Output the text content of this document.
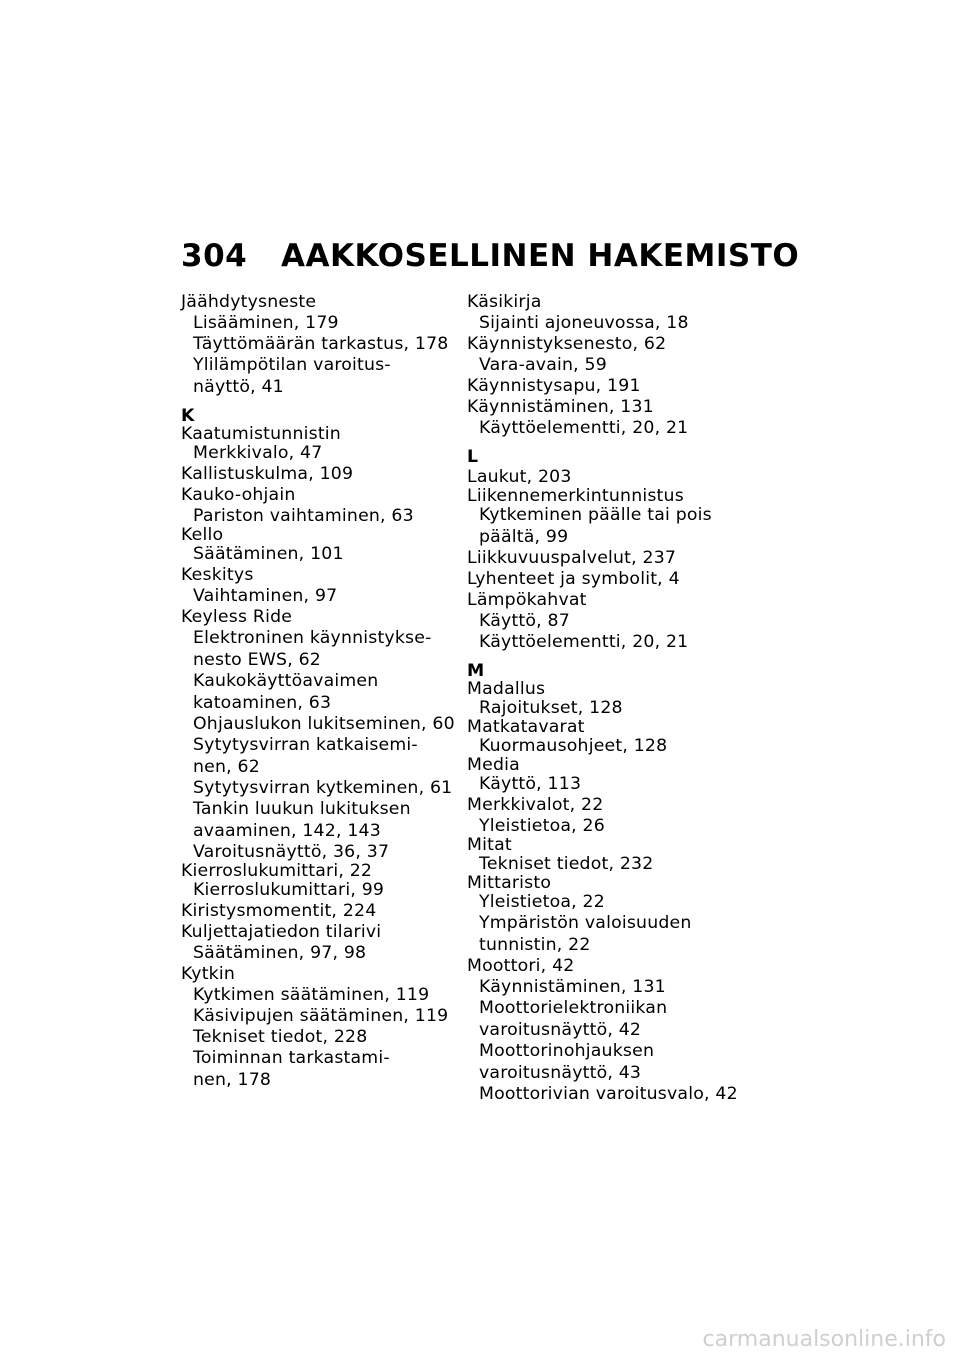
304	AAKKOSELLINEN HAKEMISTO
Jäähdytysneste
Lisääminen, 179
Täyttömäärän tarkastus, 178
Ylilämpötilan varoitus-
näyttö, 41
K
Kaatumistunnistin
Merkkivalo, 47
Kallistuskulma, 109
Kauko-ohjain
Pariston vaihtaminen, 63
Kello
Säätäminen, 101
Keskitys
Vaihtaminen, 97
Keyless Ride
Elektroninen käynnistykse-
nesto EWS, 62
Kaukokäyttöavaimen
katoaminen, 63
Ohjauslukon lukitseminen, 60
Sytytysvirran katkaisemi-
nen, 62
Sytytysvirran kytkeminen, 61
Tankin luukun lukituksen
avaaminen, 142, 143
Varoitusnäyttö, 36, 37
Kierroslukumittari, 22
Kierroslukumittari, 99
Kiristysmomentit, 224
Kuljettajatiedon tilarivi
Säätäminen, 97, 98
Kytkin
Kytkimen säätäminen, 119
Käsivipujen säätäminen, 119
Tekniset tiedot, 228
Toiminnan tarkastami-
nen, 178
Käsikirja
Sijainti ajoneuvossa, 18
Käynnistyksenesto, 62
Vara-avain, 59
Käynnistysapu, 191
Käynnistäminen, 131
Käyttöelementti, 20, 21
L
Laukut, 203
Liikennemerkintunnistus
Kytkeminen päälle tai pois
päältä, 99
Liikkuvuuspalvelut, 237
Lyhenteet ja symbolit, 4
Lämpökahvat
Käyttö, 87
Käyttöelementti, 20, 21
M
Madallus
Rajoitukset, 128
Matkatavarat
Kuormausohjeet, 128
Media
Käyttö, 113
Merkkivalot, 22
Yleistietoa, 26
Mitat
Tekniset tiedot, 232
Mittaristo
Yleistietoa, 22
Ympäristön valoisuuden
tunnistin, 22
Moottori, 42
Käynnistäminen, 131
Moottorielektroniikan
varoitusnäyttö, 42
Moottorinohjauksen
varoitusnäyttö, 43
Moottorivian varoitusvalo, 42
carmanualsonline.info
